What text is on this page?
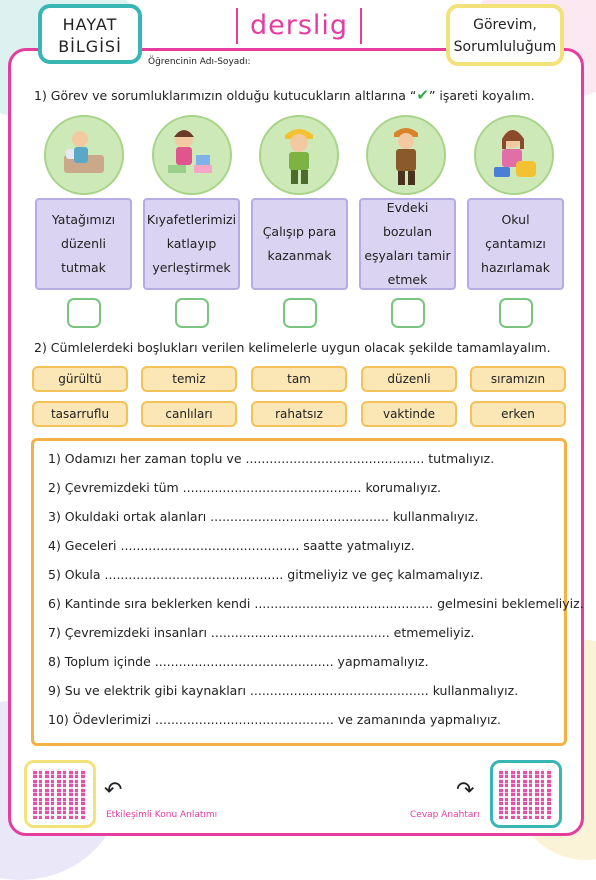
HAYAT
BİLGİSİ
derslig	Görevim,
Sorumluluğum
Öğrencinin Adı-Soyadı:
1) Görev ve sorumluklarımızın olduğu kutucukların altlarına “✔” işareti koyalım.
Yatağımızı düzenli tutmak
Kıyafetlerimizi katlayıp yerleştirmek
Çalışıp para kazanmak
Evdeki bozulan eşyaları tamir etmek
Okul çantamızı hazırlamak
2) Cümlelerdeki boşlukları verilen kelimelerle uygun olacak şekilde tamamlayalım.
gürültü	temiz	tam	düzenli	sıramızın
tasarruflu	canlıları	rahatsız	vaktinde	erken
1) Odamızı her zaman toplu ve ............................................. tutmalıyız.
2) Çevremizdeki tüm ............................................. korumalıyız.
3) Okuldaki ortak alanları ............................................. kullanmalıyız.
4) Geceleri ............................................. saatte yatmalıyız.
5) Okula ............................................. gitmeliyiz ve geç kalmamalıyız.
6) Kantinde sıra beklerken kendi ............................................. gelmesini beklemeliyiz.
7) Çevremizdeki insanları ............................................. etmemeliyiz.
8) Toplum içinde ............................................. yapmamalıyız.
9) Su ve elektrik gibi kaynakları ............................................. kullanmalıyız.
10) Ödevlerimizi ............................................. ve zamanında yapmalıyız.
↶
Etkileşimli Konu Anlatımı
↷
Cevap Anahtarı
